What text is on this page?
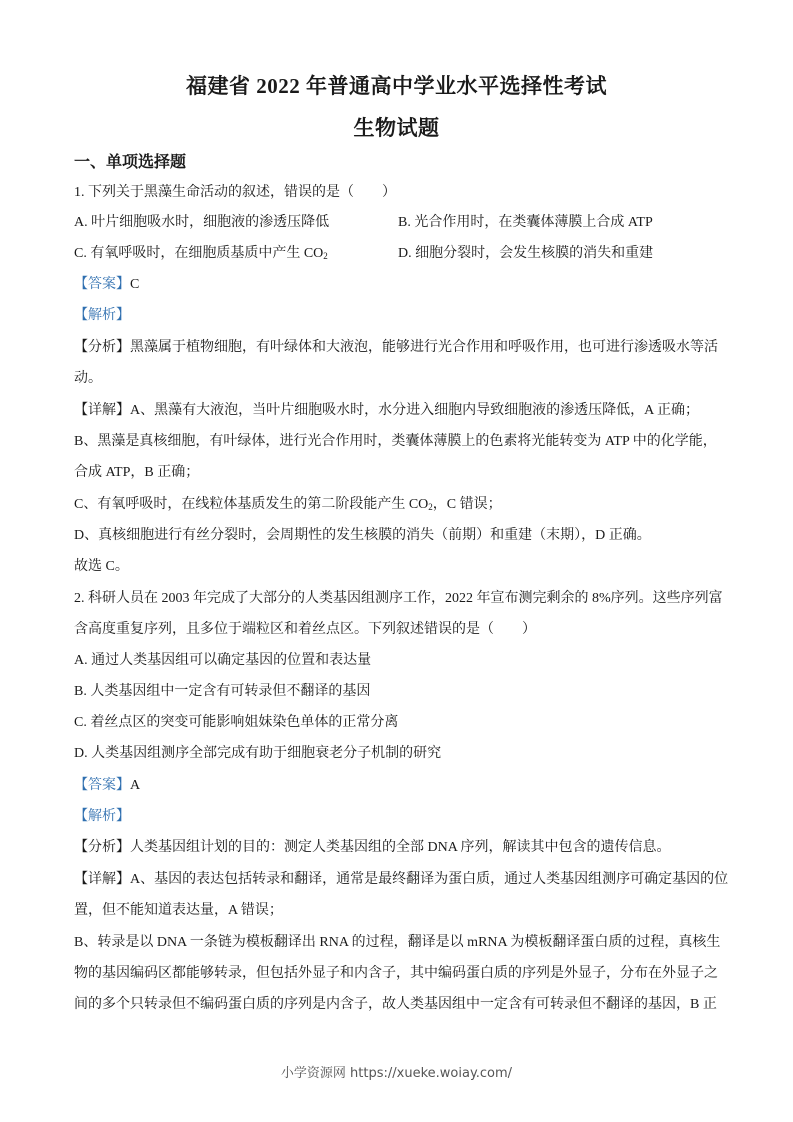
福建省 2022 年普通高中学业水平选择性考试
生物试题
一、单项选择题
1. 下列关于黑藻生命活动的叙述，错误的是（　　）
A. 叶片细胞吸水时，细胞液的渗透压降低	B. 光合作用时，在类囊体薄膜上合成 ATP
C. 有氧呼吸时，在细胞质基质中产生 $CO_2$	D. 细胞分裂时，会发生核膜的消失和重建
【答案】C
【解析】
【分析】黑藻属于植物细胞，有叶绿体和大液泡，能够进行光合作用和呼吸作用，也可进行渗透吸水等活
动。
【详解】A、黑藻有大液泡，当叶片细胞吸水时，水分进入细胞内导致细胞液的渗透压降低，A 正确；
B、黑藻是真核细胞，有叶绿体，进行光合作用时，类囊体薄膜上的色素将光能转变为 ATP 中的化学能，
合成 ATP，B 正确；
C、有氧呼吸时，在线粒体基质发生的第二阶段能产生 $CO_2$，C 错误；
D、真核细胞进行有丝分裂时，会周期性的发生核膜的消失（前期）和重建（末期），D 正确。
故选 C。
2. 科研人员在 2003 年完成了大部分的人类基因组测序工作，2022 年宣布测完剩余的 8%序列。这些序列富
含高度重复序列，且多位于端粒区和着丝点区。下列叙述错误的是（　　）
A. 通过人类基因组可以确定基因的位置和表达量
B. 人类基因组中一定含有可转录但不翻译的基因
C. 着丝点区的突变可能影响姐妹染色单体的正常分离
D. 人类基因组测序全部完成有助于细胞衰老分子机制的研究
【答案】A
【解析】
【分析】人类基因组计划的目的：测定人类基因组的全部 DNA 序列，解读其中包含的遗传信息。
【详解】A、基因的表达包括转录和翻译，通常是最终翻译为蛋白质，通过人类基因组测序可确定基因的位
置，但不能知道表达量，A 错误；
B、转录是以 DNA 一条链为模板翻译出 RNA 的过程，翻译是以 mRNA 为模板翻译蛋白质的过程，真核生
物的基因编码区都能够转录，但包括外显子和内含子，其中编码蛋白质的序列是外显子，分布在外显子之
间的多个只转录但不编码蛋白质的序列是内含子，故人类基因组中一定含有可转录但不翻译的基因，B 正
小学资源网 https://xueke.woiay.com/
